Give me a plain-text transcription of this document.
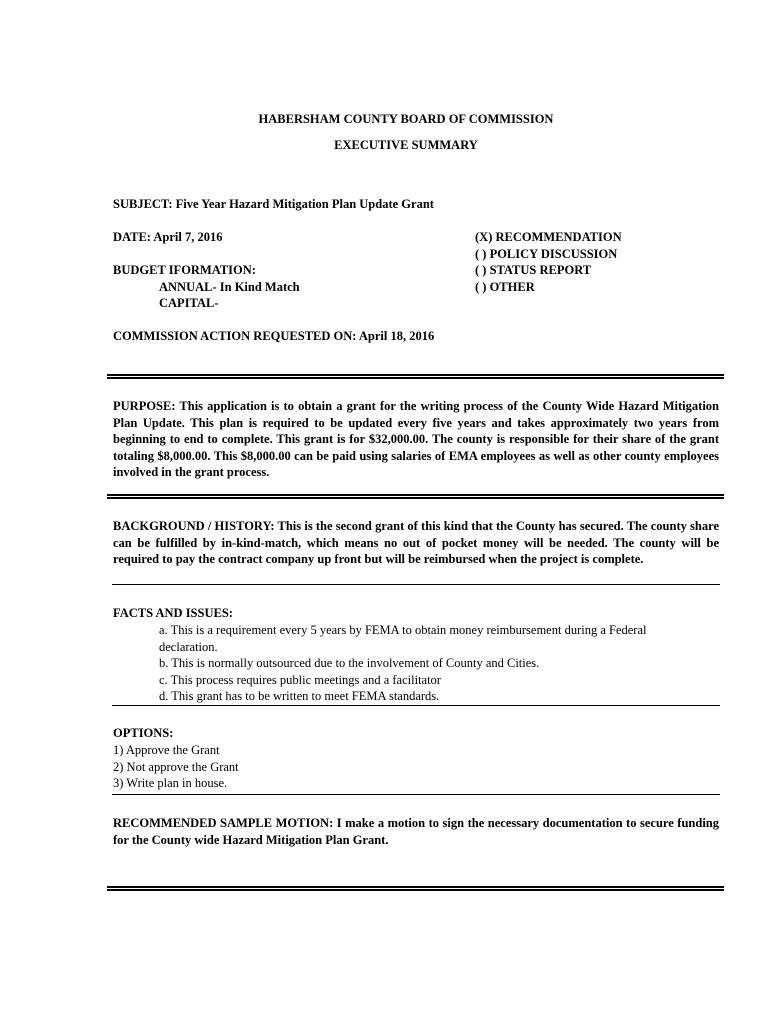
HABERSHAM COUNTY BOARD OF COMMISSION
EXECUTIVE SUMMARY
SUBJECT: Five Year Hazard Mitigation Plan Update Grant
DATE: April 7, 2016
BUDGET IFORMATION:
ANNUAL- In Kind Match
CAPITAL-
(X) RECOMMENDATION
( ) POLICY DISCUSSION
( ) STATUS REPORT
( ) OTHER
COMMISSION ACTION REQUESTED ON: April 18, 2016
PURPOSE: This application is to obtain a grant for the writing process of the County Wide Hazard Mitigation Plan Update. This plan is required to be updated every five years and takes approximately two years from beginning to end to complete. This grant is for $32,000.00. The county is responsible for their share of the grant totaling $8,000.00. This $8,000.00 can be paid using salaries of EMA employees as well as other county employees involved in the grant process.
BACKGROUND / HISTORY: This is the second grant of this kind that the County has secured. The county share can be fulfilled by in-kind-match, which means no out of pocket money will be needed. The county will be required to pay the contract company up front but will be reimbursed when the project is complete.
FACTS AND ISSUES:
a. This is a requirement every 5 years by FEMA to obtain money reimbursement during a Federal declaration.
b. This is normally outsourced due to the involvement of County and Cities.
c. This process requires public meetings and a facilitator
d. This grant has to be written to meet FEMA standards.
OPTIONS:
1) Approve the Grant
2) Not approve the Grant
3) Write plan in house.
RECOMMENDED SAMPLE MOTION: I make a motion to sign the necessary documentation to secure funding for the County wide Hazard Mitigation Plan Grant.
